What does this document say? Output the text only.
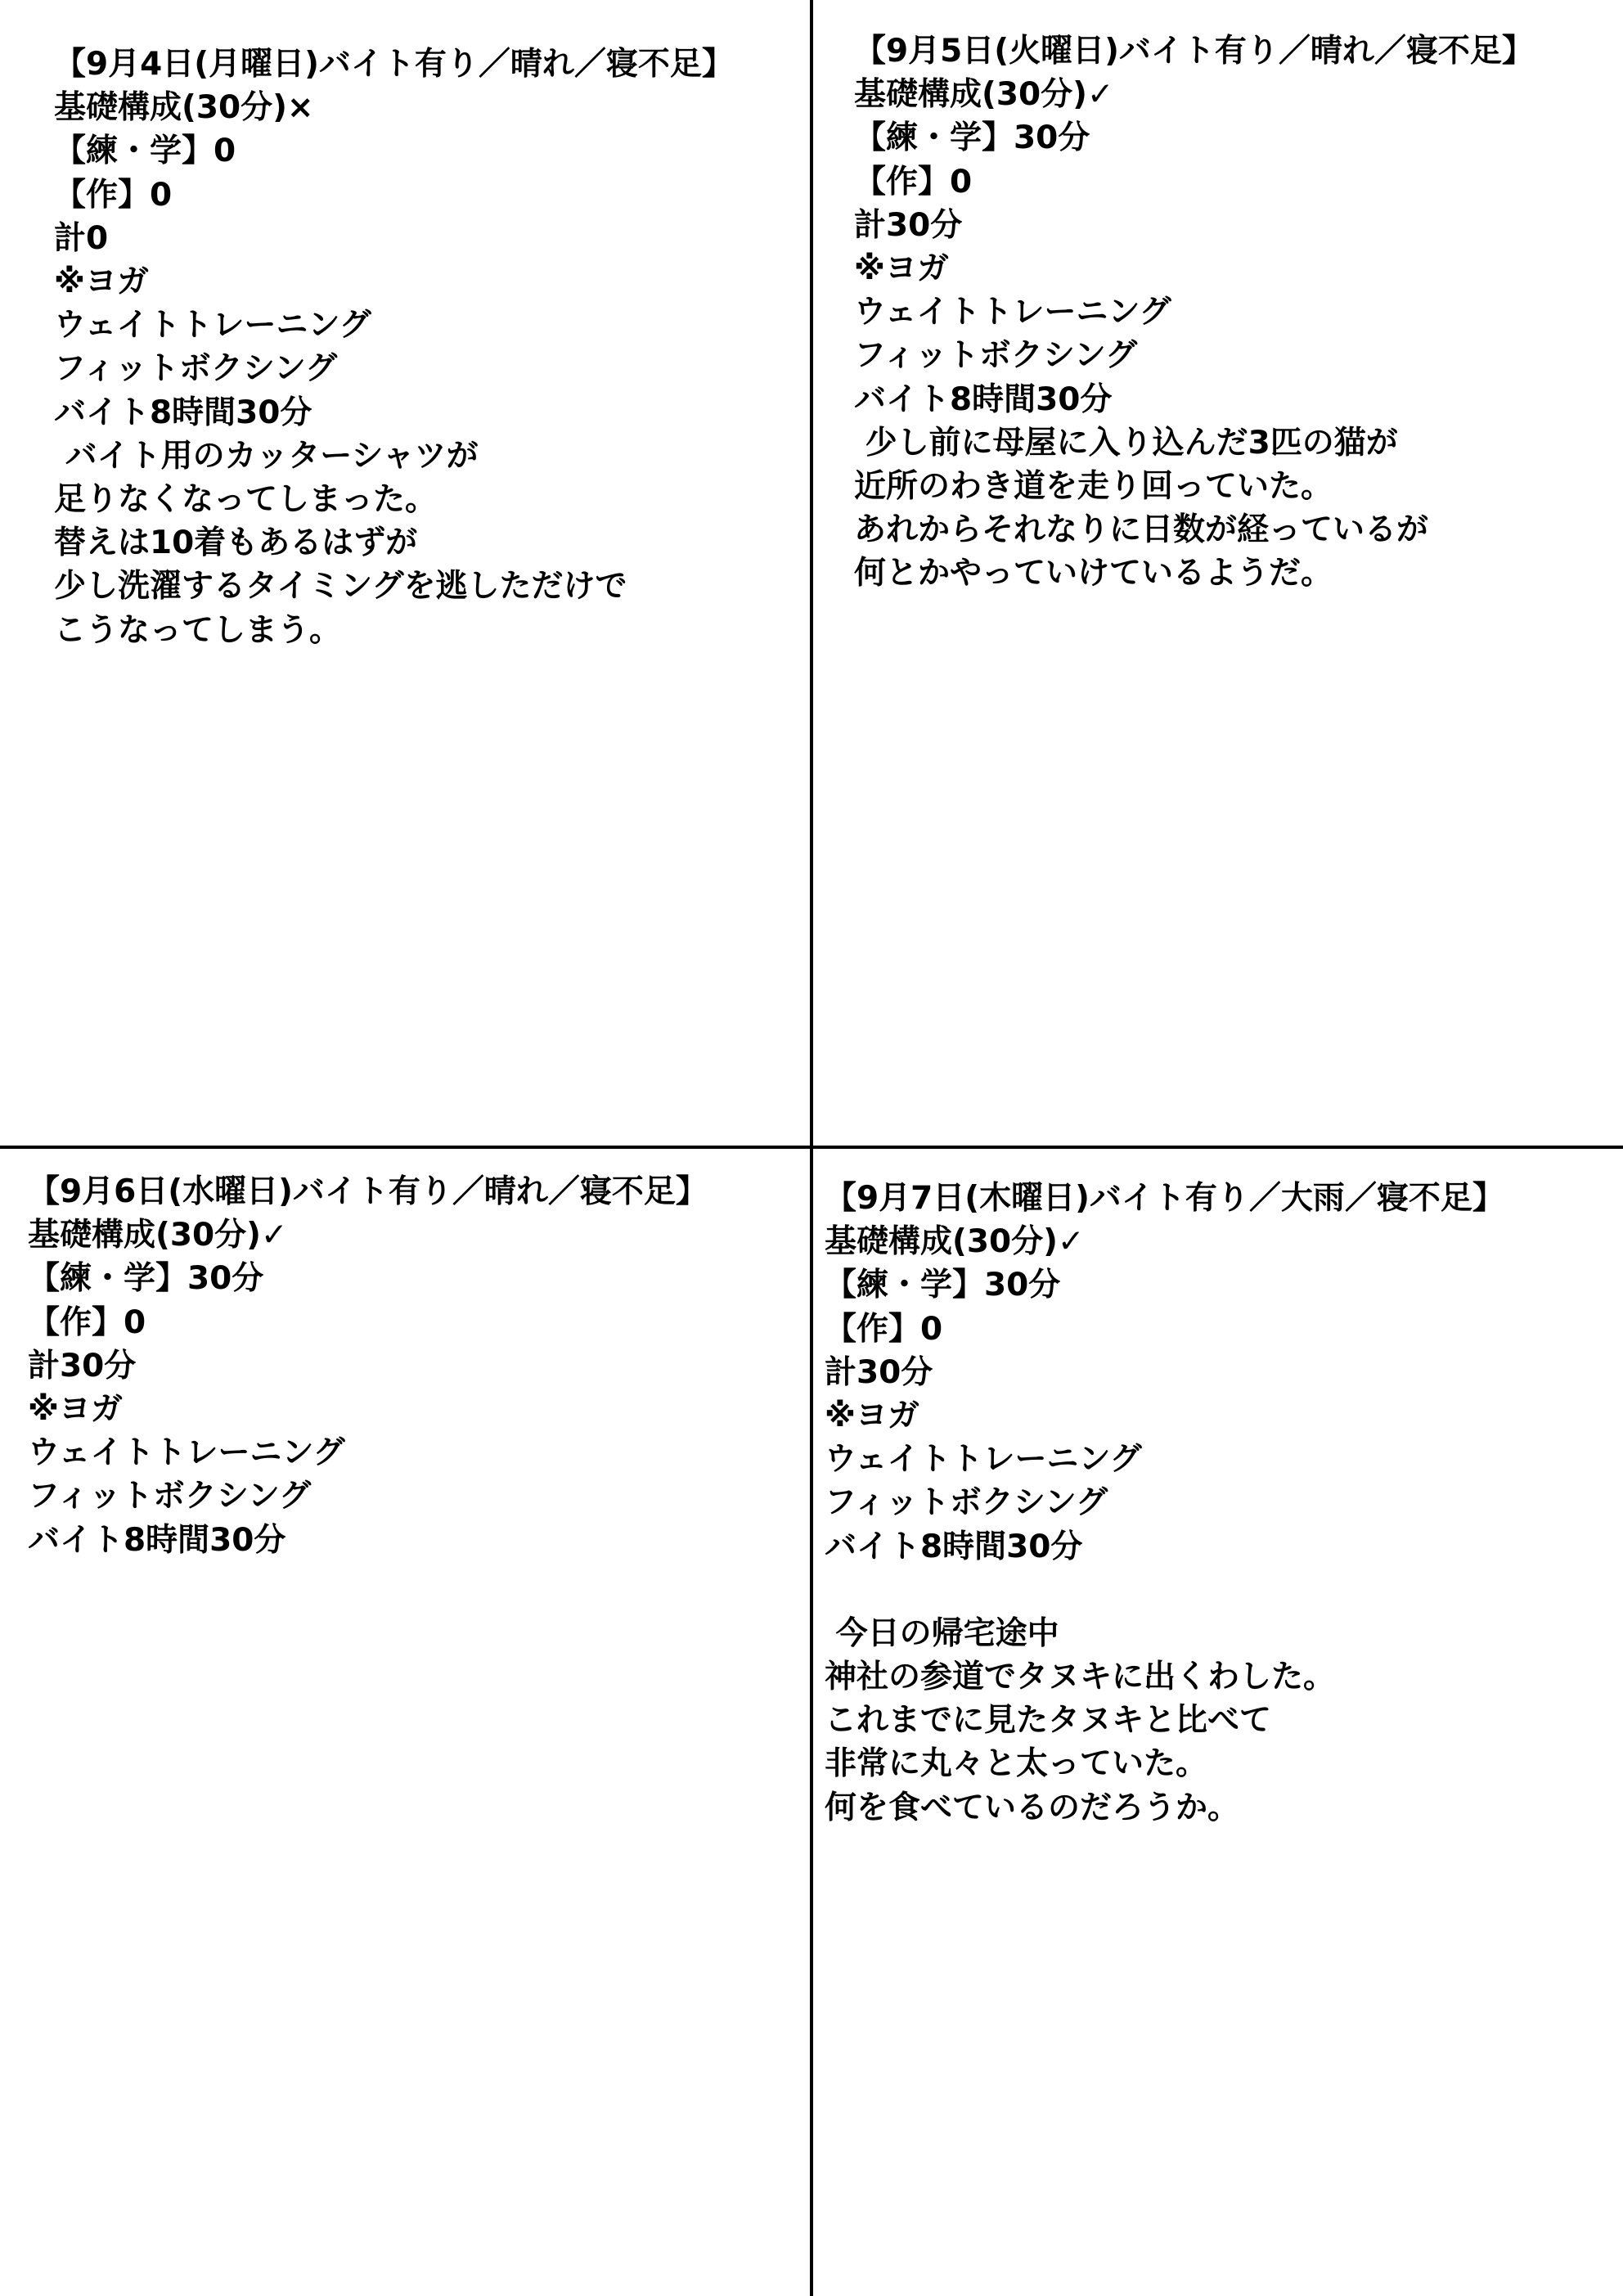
【9月4日(月曜日)バイト有り／晴れ／寝不足】
基礎構成(30分)×
【練・学】0
【作】0
計0
※ヨガ
ウェイトトレーニング
フィットボクシング
バイト8時間30分
バイト用のカッターシャツが
足りなくなってしまった。
替えは10着もあるはずが
少し洗濯するタイミングを逃しただけで
こうなってしまう。
【9月5日(火曜日)バイト有り／晴れ／寝不足】
基礎構成(30分)✓
【練・学】30分
【作】0
計30分
※ヨガ
ウェイトトレーニング
フィットボクシング
バイト8時間30分
少し前に母屋に入り込んだ3匹の猫が
近所のわき道を走り回っていた。
あれからそれなりに日数が経っているが
何とかやっていけているようだ。
【9月6日(水曜日)バイト有り／晴れ／寝不足】
基礎構成(30分)✓
【練・学】30分
【作】0
計30分
※ヨガ
ウェイトトレーニング
フィットボクシング
バイト8時間30分
【9月7日(木曜日)バイト有り／大雨／寝不足】
基礎構成(30分)✓
【練・学】30分
【作】0
計30分
※ヨガ
ウェイトトレーニング
フィットボクシング
バイト8時間30分
今日の帰宅途中
神社の参道でタヌキに出くわした。
これまでに見たタヌキと比べて
非常に丸々と太っていた。
何を食べているのだろうか。
